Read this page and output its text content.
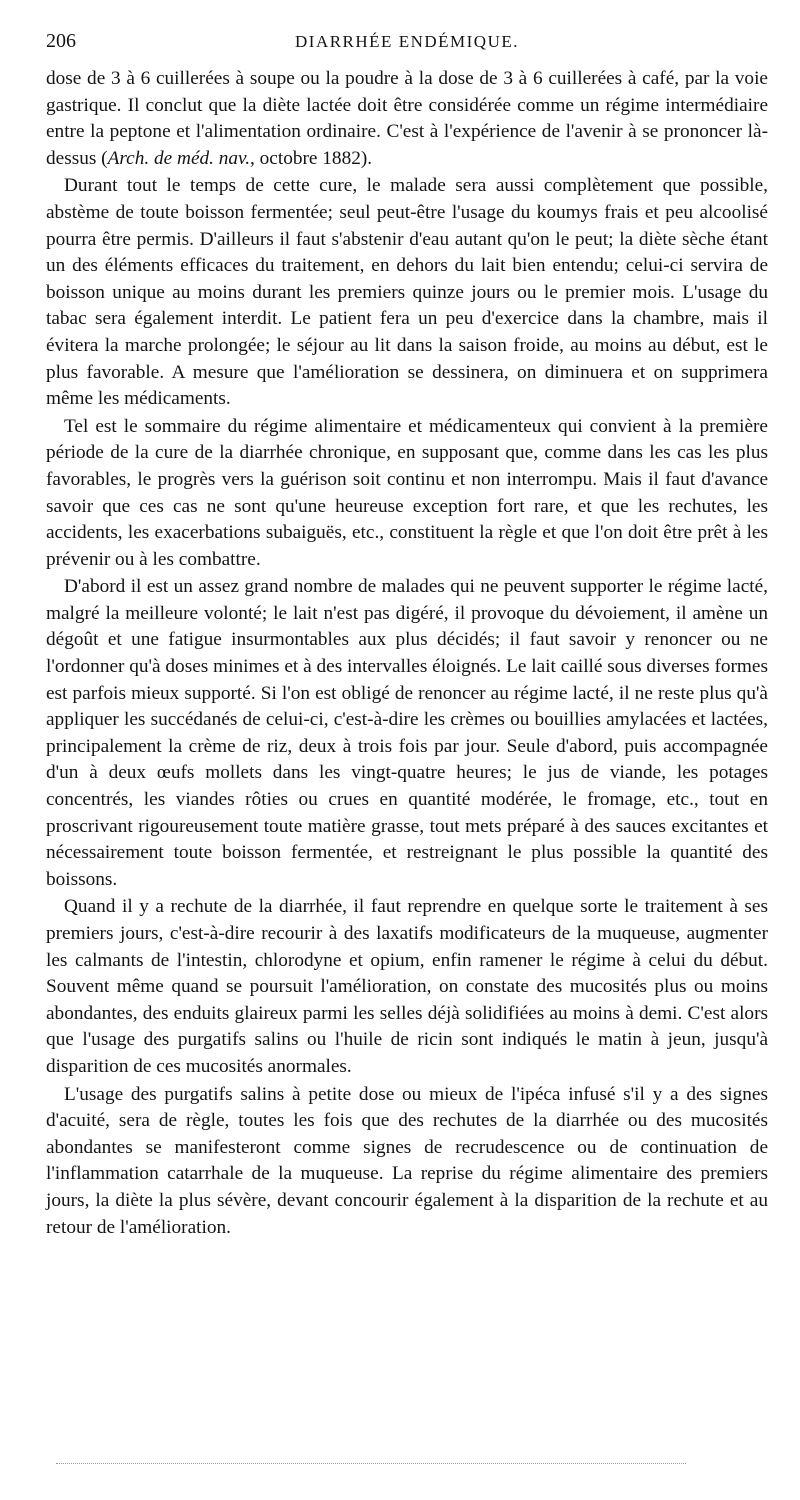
206	DIARRHÉE ENDÉMIQUE.

dose de 3 à 6 cuillerées à soupe ou la poudre à la dose de 3 à 6 cuillerées à café, par la voie gastrique. Il conclut que la diète lactée doit être considérée comme un régime intermédiaire entre la peptone et l'alimentation ordinaire. C'est à l'expérience de l'avenir à se prononcer là-dessus (Arch. de méd. nav., octobre 1882).

Durant tout le temps de cette cure, le malade sera aussi complètement que possible, abstème de toute boisson fermentée; seul peut-être l'usage du koumys frais et peu alcoolisé pourra être permis. D'ailleurs il faut s'abstenir d'eau autant qu'on le peut; la diète sèche étant un des éléments efficaces du traitement, en dehors du lait bien entendu; celui-ci servira de boisson unique au moins durant les premiers quinze jours ou le premier mois. L'usage du tabac sera également interdit. Le patient fera un peu d'exercice dans la chambre, mais il évitera la marche prolongée; le séjour au lit dans la saison froide, au moins au début, est le plus favorable. A mesure que l'amélioration se dessinera, on diminuera et on supprimera même les médicaments.

Tel est le sommaire du régime alimentaire et médicamenteux qui convient à la première période de la cure de la diarrhée chronique, en supposant que, comme dans les cas les plus favorables, le progrès vers la guérison soit continu et non interrompu. Mais il faut d'avance savoir que ces cas ne sont qu'une heureuse exception fort rare, et que les rechutes, les accidents, les exacerbations subaiguës, etc., constituent la règle et que l'on doit être prêt à les prévenir ou à les combattre.

D'abord il est un assez grand nombre de malades qui ne peuvent supporter le régime lacté, malgré la meilleure volonté; le lait n'est pas digéré, il provoque du dévoiement, il amène un dégoût et une fatigue insurmontables aux plus décidés; il faut savoir y renoncer ou ne l'ordonner qu'à doses minimes et à des intervalles éloignés. Le lait caillé sous diverses formes est parfois mieux supporté. Si l'on est obligé de renoncer au régime lacté, il ne reste plus qu'à appliquer les succédanés de celui-ci, c'est-à-dire les crèmes ou bouillies amylacées et lactées, principalement la crème de riz, deux à trois fois par jour. Seule d'abord, puis accompagnée d'un à deux œufs mollets dans les vingt-quatre heures; le jus de viande, les potages concentrés, les viandes rôties ou crues en quantité modérée, le fromage, etc., tout en proscrivant rigoureusement toute matière grasse, tout mets préparé à des sauces excitantes et nécessairement toute boisson fermentée, et restreignant le plus possible la quantité des boissons.

Quand il y a rechute de la diarrhée, il faut reprendre en quelque sorte le traitement à ses premiers jours, c'est-à-dire recourir à des laxatifs modificateurs de la muqueuse, augmenter les calmants de l'intestin, chlorodyne et opium, enfin ramener le régime à celui du début. Souvent même quand se poursuit l'amélioration, on constate des mucosités plus ou moins abondantes, des enduits glaireux parmi les selles déjà solidifiées au moins à demi. C'est alors que l'usage des purgatifs salins ou l'huile de ricin sont indiqués le matin à jeun, jusqu'à disparition de ces mucosités anormales.

L'usage des purgatifs salins à petite dose ou mieux de l'ipéca infusé s'il y a des signes d'acuité, sera de règle, toutes les fois que des rechutes de la diarrhée ou des mucosités abondantes se manifesteront comme signes de recrudescence ou de continuation de l'inflammation catarrhale de la muqueuse. La reprise du régime alimentaire des premiers jours, la diète la plus sévère, devant concourir également à la disparition de la rechute et au retour de l'amélioration.
